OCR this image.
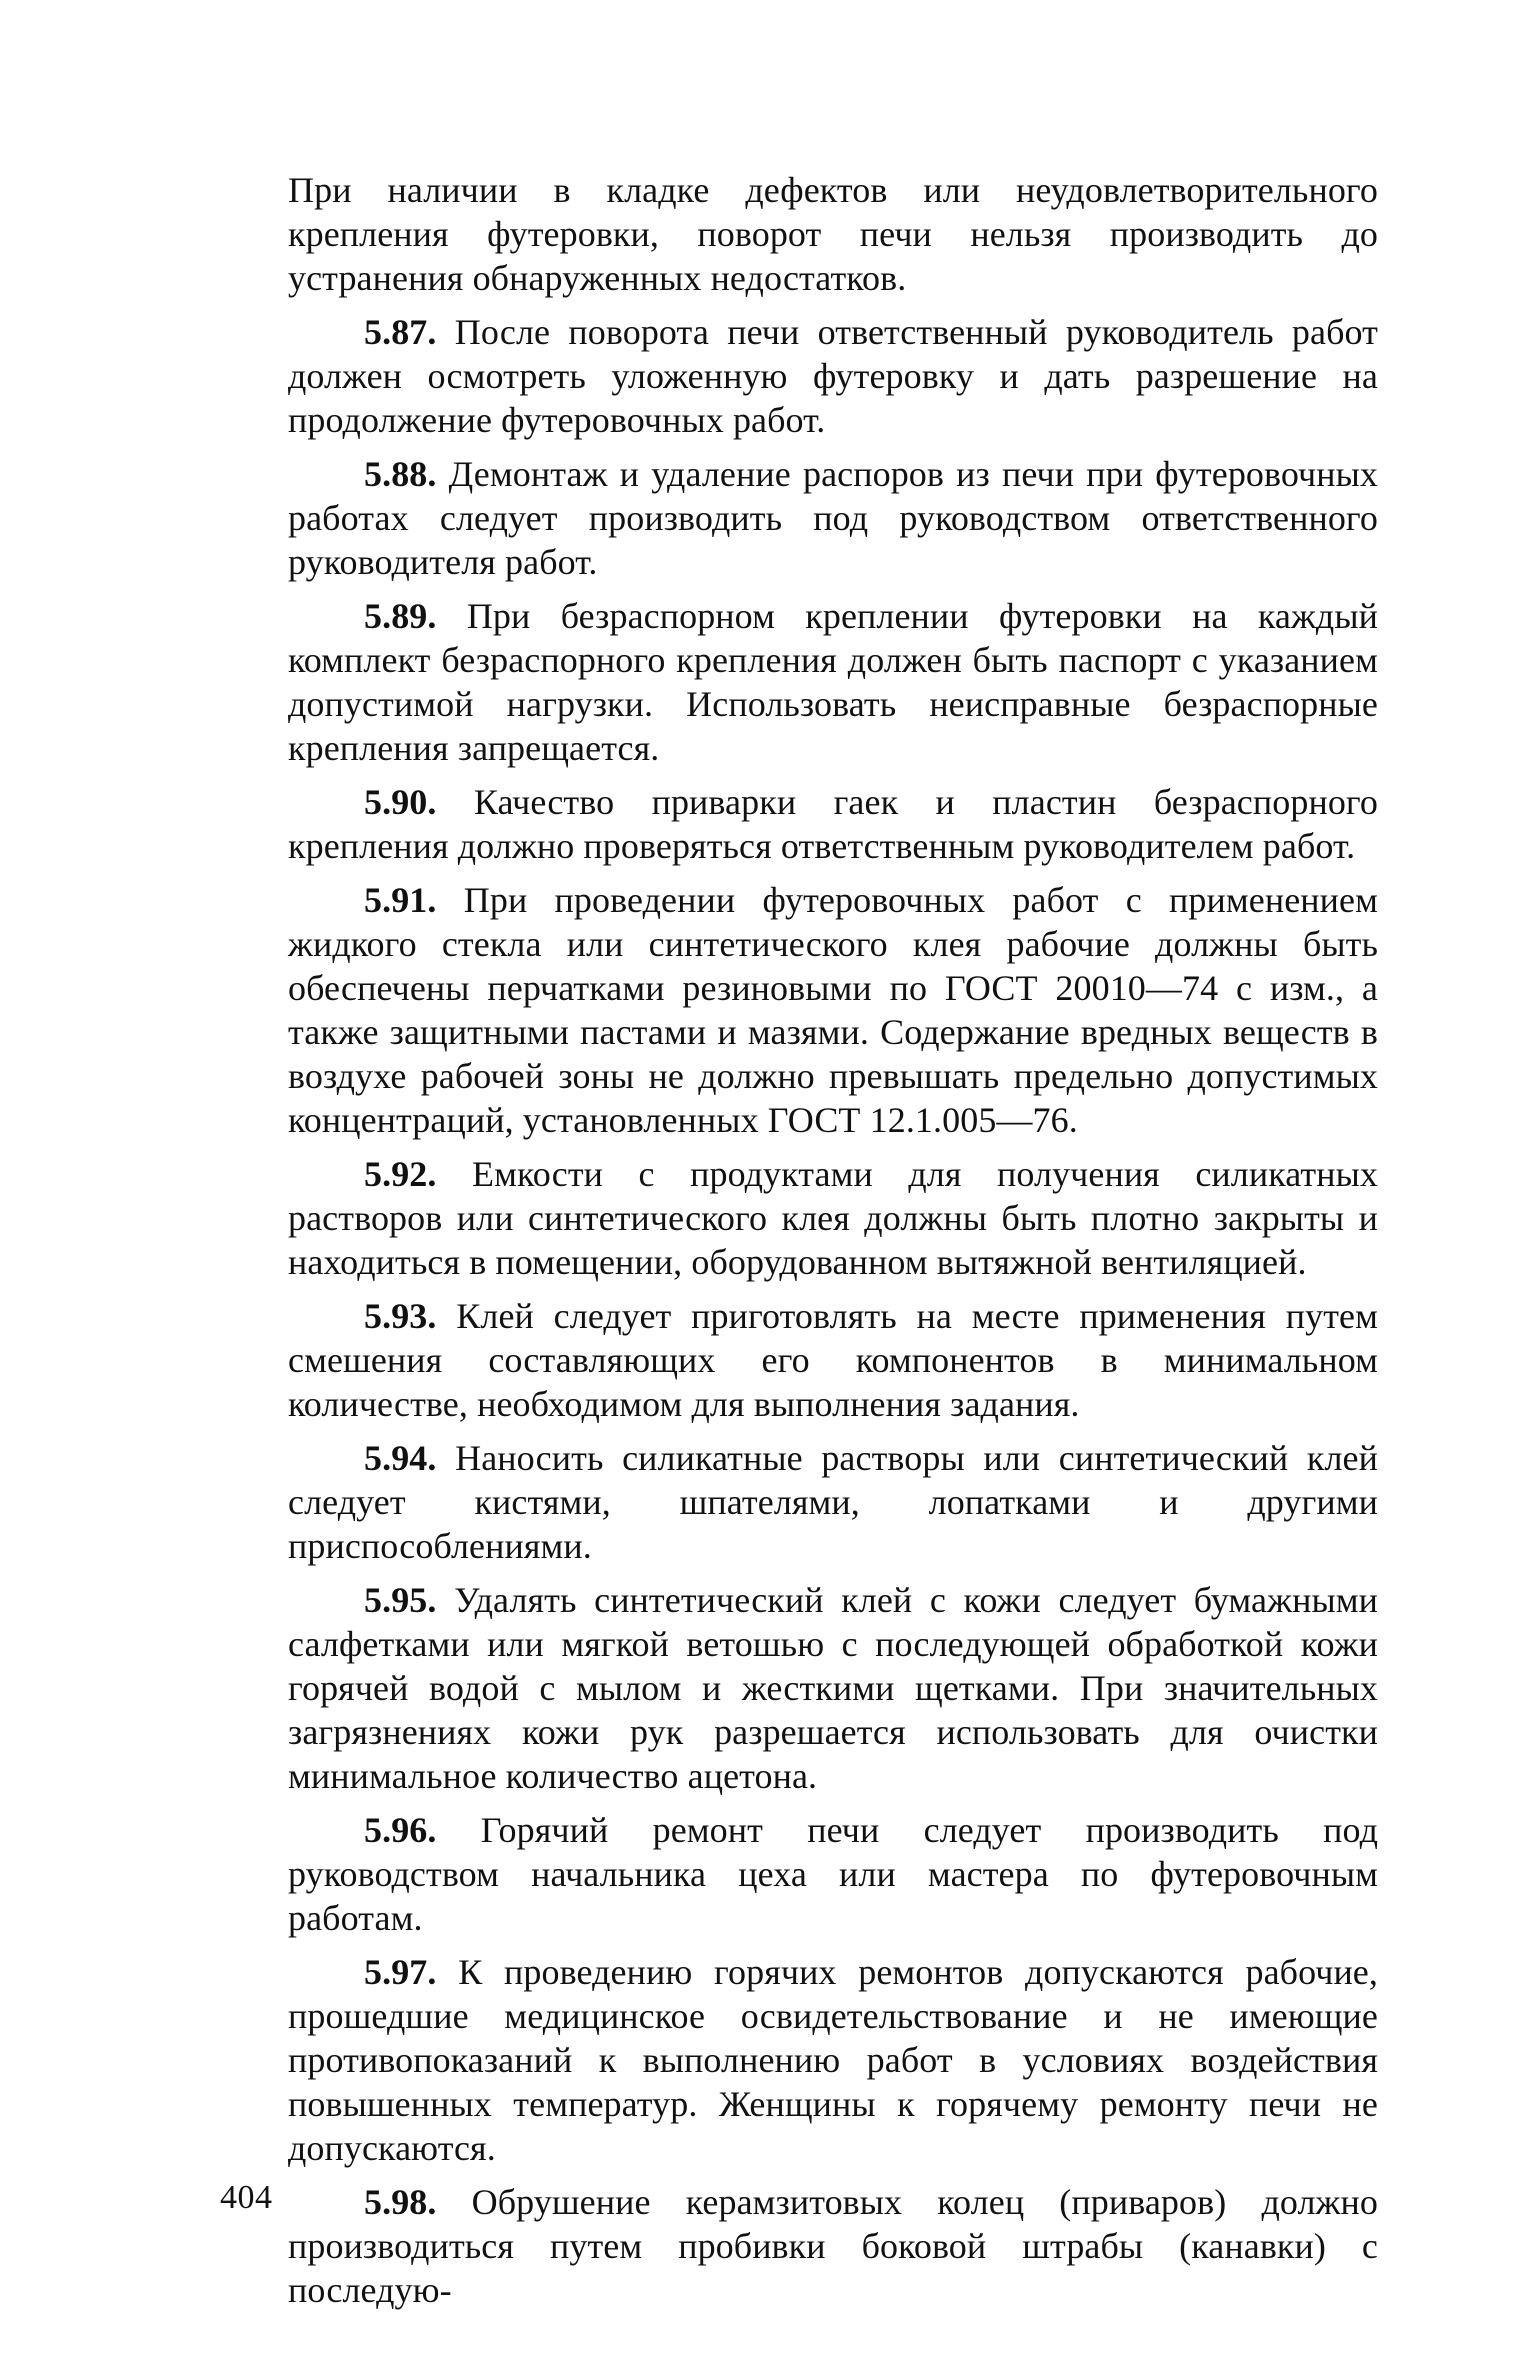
При наличии в кладке дефектов или неудовлетворительного крепления футеровки, поворот печи нельзя производить до устранения обнаруженных недостатков.

5.87. После поворота печи ответственный руководитель работ должен осмотреть уложенную футеровку и дать разрешение на продолжение футеровочных работ.

5.88. Демонтаж и удаление распоров из печи при футеровочных работах следует производить под руководством ответственного руководителя работ.

5.89. При безраспорном креплении футеровки на каждый комплект безраспорного крепления должен быть паспорт с указанием допустимой нагрузки. Использовать неисправные безраспорные крепления запрещается.

5.90. Качество приварки гаек и пластин безраспорного крепления должно проверяться ответственным руководителем работ.

5.91. При проведении футеровочных работ с применением жидкого стекла или синтетического клея рабочие должны быть обеспечены перчатками резиновыми по ГОСТ 20010—74 с изм., а также защитными пастами и мазями. Содержание вредных веществ в воздухе рабочей зоны не должно превышать предельно допустимых концентраций, установленных ГОСТ 12.1.005—76.

5.92. Емкости с продуктами для получения силикатных растворов или синтетического клея должны быть плотно закрыты и находиться в помещении, оборудованном вытяжной вентиляцией.

5.93. Клей следует приготовлять на месте применения путем смешения составляющих его компонентов в минимальном количестве, необходимом для выполнения задания.

5.94. Наносить силикатные растворы или синтетический клей следует кистями, шпателями, лопатками и другими приспособлениями.

5.95. Удалять синтетический клей с кожи следует бумажными салфетками или мягкой ветошью с последующей обработкой кожи горячей водой с мылом и жесткими щетками. При значительных загрязнениях кожи рук разрешается использовать для очистки минимальное количество ацетона.

5.96. Горячий ремонт печи следует производить под руководством начальника цеха или мастера по футеровочным работам.

5.97. К проведению горячих ремонтов допускаются рабочие, прошедшие медицинское освидетельствование и не имеющие противопоказаний к выполнению работ в условиях воздействия повышенных температур. Женщины к горячему ремонту печи не допускаются.

5.98. Обрушение керамзитовых колец (приваров) должно производиться путем пробивки боковой штрабы (канавки) с последую-

404
